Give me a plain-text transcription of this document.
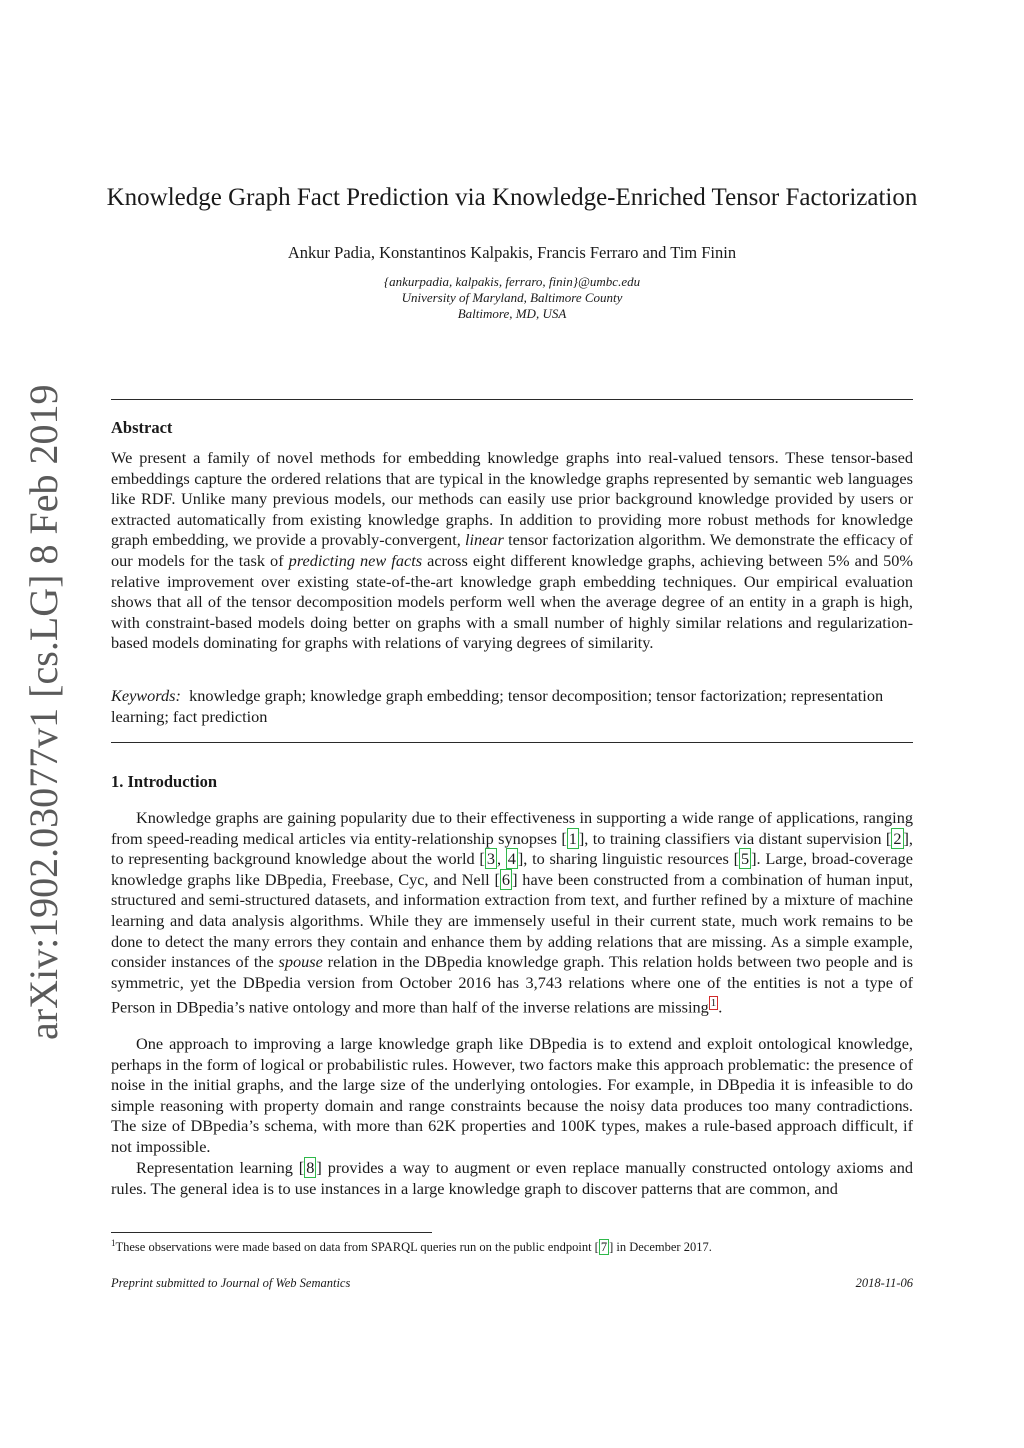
arXiv:1902.03077v1 [cs.LG] 8 Feb 2019
Knowledge Graph Fact Prediction via Knowledge-Enriched Tensor Factorization
Ankur Padia, Konstantinos Kalpakis, Francis Ferraro and Tim Finin
{ankurpadia, kalpakis, ferraro, finin}@umbc.edu
University of Maryland, Baltimore County
Baltimore, MD, USA
Abstract

We present a family of novel methods for embedding knowledge graphs into real-valued tensors. These tensor-based embeddings capture the ordered relations that are typical in the knowledge graphs represented by semantic web languages like RDF. Unlike many previous models, our methods can easily use prior background knowledge provided by users or extracted automatically from existing knowledge graphs. In addition to providing more robust methods for knowledge graph embedding, we provide a provably-convergent, linear tensor factorization algorithm. We demonstrate the efficacy of our models for the task of predicting new facts across eight different knowledge graphs, achieving between 5% and 50% relative improvement over existing state-of-the-art knowledge graph embedding techniques. Our empirical evaluation shows that all of the tensor decomposition models perform well when the average degree of an entity in a graph is high, with constraint-based models doing better on graphs with a small number of highly similar relations and regularization-based models dominating for graphs with relations of varying degrees of similarity.

Keywords: knowledge graph; knowledge graph embedding; tensor decomposition; tensor factorization; representation learning; fact prediction

1. Introduction

Knowledge graphs are gaining popularity due to their effectiveness in supporting a wide range of applications, ranging from speed-reading medical articles via entity-relationship synopses [ 1 ], to training classifiers via distant supervision [ 2 ], to representing background knowledge about the world [ 3 , 4 ], to sharing linguistic resources [ 5 ]. Large, broad-coverage knowledge graphs like DBpedia, Freebase, Cyc, and Nell [ 6 ] have been constructed from a combination of human input, structured and semi-structured datasets, and information extraction from text, and further refined by a mixture of machine learning and data analysis algorithms. While they are immensely useful in their current state, much work remains to be done to detect the many errors they contain and enhance them by adding relations that are missing. As a simple example, consider instances of the spouse relation in the DBpedia knowledge graph. This relation holds between two people and is symmetric, yet the DBpedia version from October 2016 has 3,743 relations where one of the entities is not a type of Person in DBpedia’s native ontology and more than half of the inverse relations are missing $^1$ .

One approach to improving a large knowledge graph like DBpedia is to extend and exploit ontological knowledge, perhaps in the form of logical or probabilistic rules. However, two factors make this approach problematic: the presence of noise in the initial graphs, and the large size of the underlying ontologies. For example, in DBpedia it is infeasible to do simple reasoning with property domain and range constraints because the noisy data produces too many contradictions. The size of DBpedia’s schema, with more than 62K properties and 100K types, makes a rule-based approach difficult, if not impossible.

Representation learning [ 8 ] provides a way to augment or even replace manually constructed ontology axioms and rules. The general idea is to use instances in a large knowledge graph to discover patterns that are common, and

$^1$These observations were made based on data from SPARQL queries run on the public endpoint [ 7 ] in December 2017.
Preprint submitted to Journal of Web Semantics	2018-11-06
